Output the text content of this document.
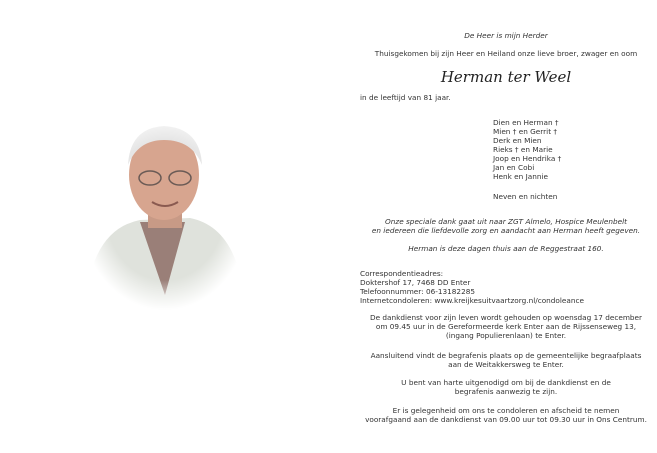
De Heer is mijn Herder
Thuisgekomen bij zijn Heer en Heiland onze lieve broer, zwager en oom
Herman ter Weel
in de leeftijd van 81 jaar.
Dien en Herman †
Mien † en Gerrit †
Derk en Mien
Rieks † en Marie
Joop en Hendrika †
Jan en Cobi
Henk en Jannie
Neven en nichten
Onze speciale dank gaat uit naar ZGT Almelo, Hospice Meulenbelt
en iedereen die liefdevolle zorg en aandacht aan Herman heeft gegeven.
Herman is deze dagen thuis aan de Reggestraat 160.
Correspondentieadres:
Doktershof 17, 7468 DD Enter
Telefoonnummer: 06-13182285
Internetcondoleren: www.kreijkesuitvaartzorg.nl/condoleance
De dankdienst voor zijn leven wordt gehouden op woensdag 17 december
om 09.45 uur in de Gereformeerde kerk Enter aan de Rijssenseweg 13,
(ingang Populierenlaan) te Enter.
Aansluitend vindt de begrafenis plaats op de gemeentelijke begraafplaats
aan de Weitakkersweg te Enter.
U bent van harte uitgenodigd om bij de dankdienst en de
begrafenis aanwezig te zijn.
Er is gelegenheid om ons te condoleren en afscheid te nemen
voorafgaand aan de dankdienst van 09.00 uur tot 09.30 uur in Ons Centrum.
